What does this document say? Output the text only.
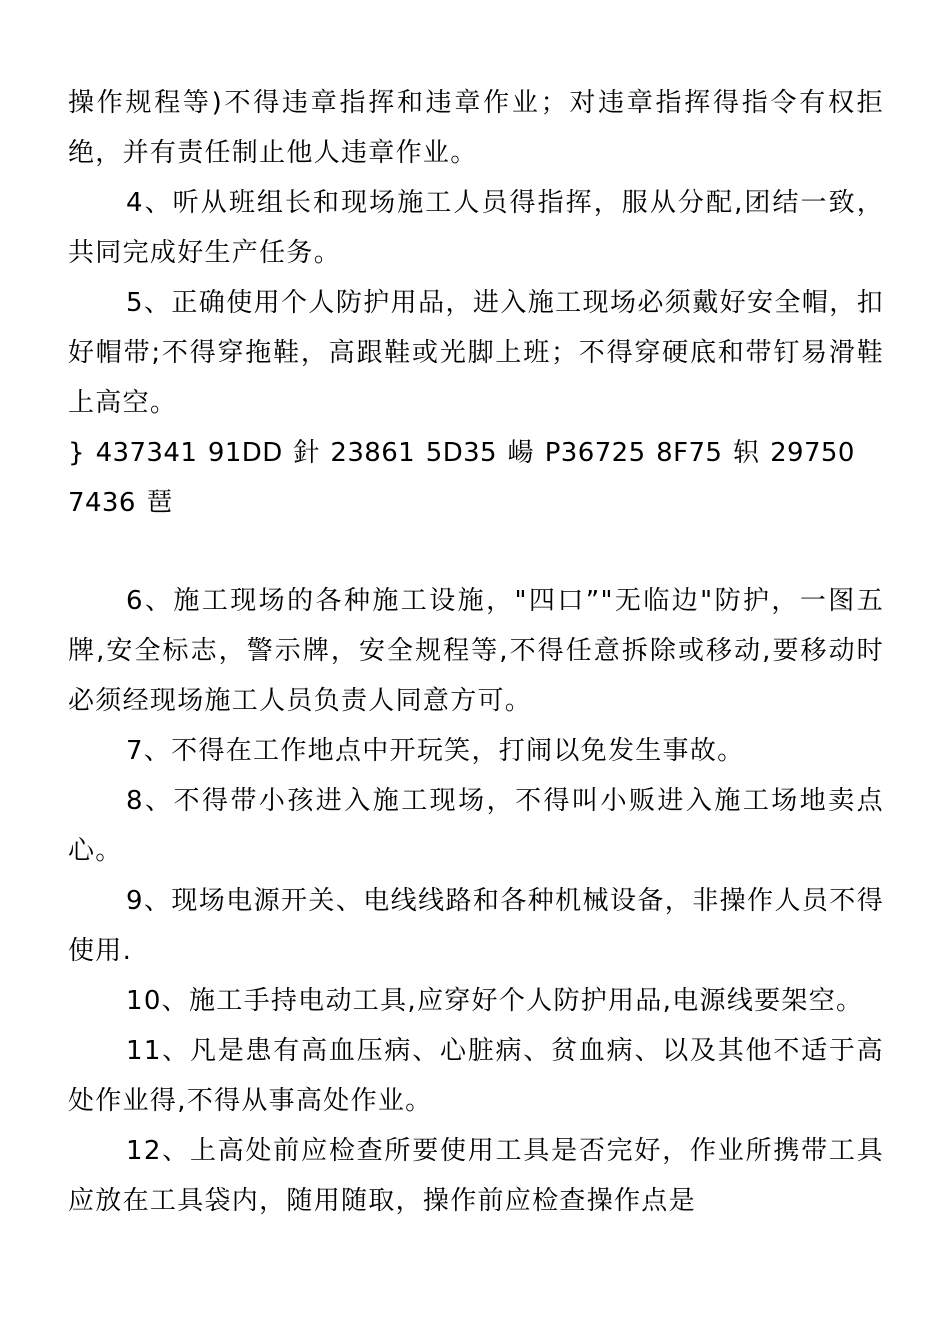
操作规程等)不得违章指挥和违章作业；对违章指挥得指令有权拒绝，并有责任制止他人违章作业。

4、听从班组长和现场施工人员得指挥，服从分配,团结一致，共同完成好生产任务。

5、正确使用个人防护用品，进入施工现场必须戴好安全帽，扣好帽带;不得穿拖鞋，高跟鞋或光脚上班；不得穿硬底和带钉易滑鞋上高空。

} 437341 91DD 針 23861 5D35 崵 P36725 8F75 轵 29750 7436 琶

6、施工现场的各种施工设施，"四口”"无临边"防护，一图五牌,安全标志，警示牌，安全规程等,不得任意拆除或移动,要移动时必须经现场施工人员负责人同意方可。

7、不得在工作地点中开玩笑，打闹以免发生事故。

8、不得带小孩进入施工现场，不得叫小贩进入施工场地卖点心。

9、现场电源开关、电线线路和各种机械设备，非操作人员不得使用.

10、施工手持电动工具,应穿好个人防护用品,电源线要架空。

11、凡是患有高血压病、心脏病、贫血病、以及其他不适于高处作业得,不得从事高处作业。

12、上高处前应检查所要使用工具是否完好，作业所携带工具应放在工具袋内，随用随取，操作前应检查操作点是
